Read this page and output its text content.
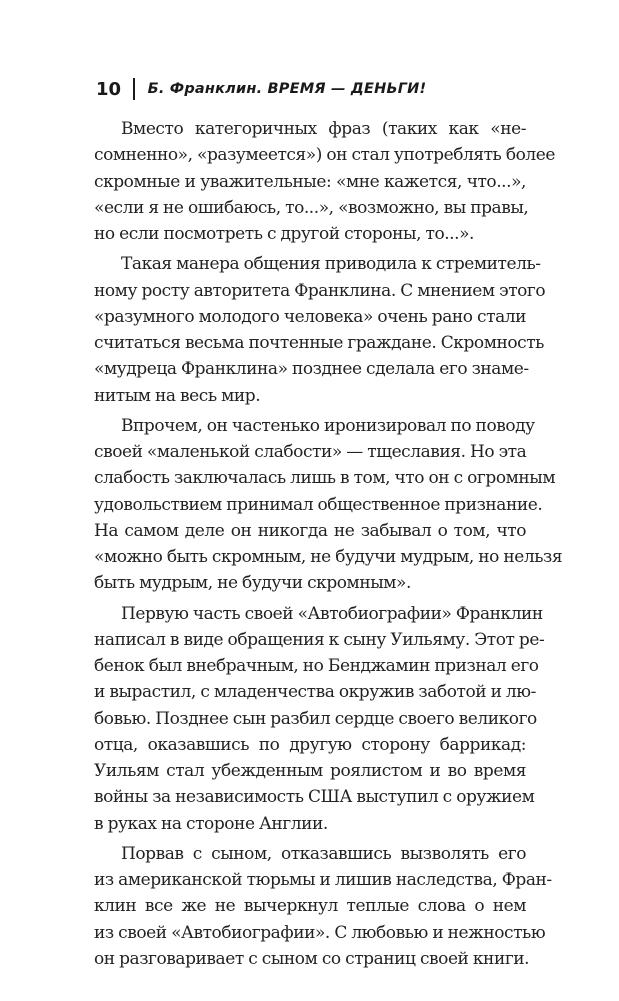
10 Б. Франклин. ВРЕМЯ — ДЕНЬГИ!

Вместо категоричных фраз (таких как «не-
сомненно», «разумеется») он стал употреблять более
скромные и уважительные: «мне кажется, что...»,
«если я не ошибаюсь, то...», «возможно, вы правы,
но если посмотреть с другой стороны, то...».

Такая манера общения приводила к стремитель-
ному росту авторитета Франклина. С мнением этого
«разумного молодого человека» очень рано стали
считаться весьма почтенные граждане. Скромность
«мудреца Франклина» позднее сделала его знаме-
нитым на весь мир.

Впрочем, он частенько иронизировал по поводу
своей «маленькой слабости» — тщеславия. Но эта
слабость заключалась лишь в том, что он с огромным
удовольствием принимал общественное признание.
На самом деле он никогда не забывал о том, что
«можно быть скромным, не будучи мудрым, но нельзя
быть мудрым, не будучи скромным».

Первую часть своей «Автобиографии» Франклин
написал в виде обращения к сыну Уильяму. Этот ре-
бенок был внебрачным, но Бенджамин признал его
и вырастил, с младенчества окружив заботой и лю-
бовью. Позднее сын разбил сердце своего великого
отца, оказавшись по другую сторону баррикад:
Уильям стал убежденным роялистом и во время
войны за независимость США выступил с оружием
в руках на стороне Англии.

Порвав с сыном, отказавшись вызволять его
из американской тюрьмы и лишив наследства, Фран-
клин все же не вычеркнул теплые слова о нем
из своей «Автобиографии». С любовью и нежностью
он разговаривает с сыном со страниц своей книги.
